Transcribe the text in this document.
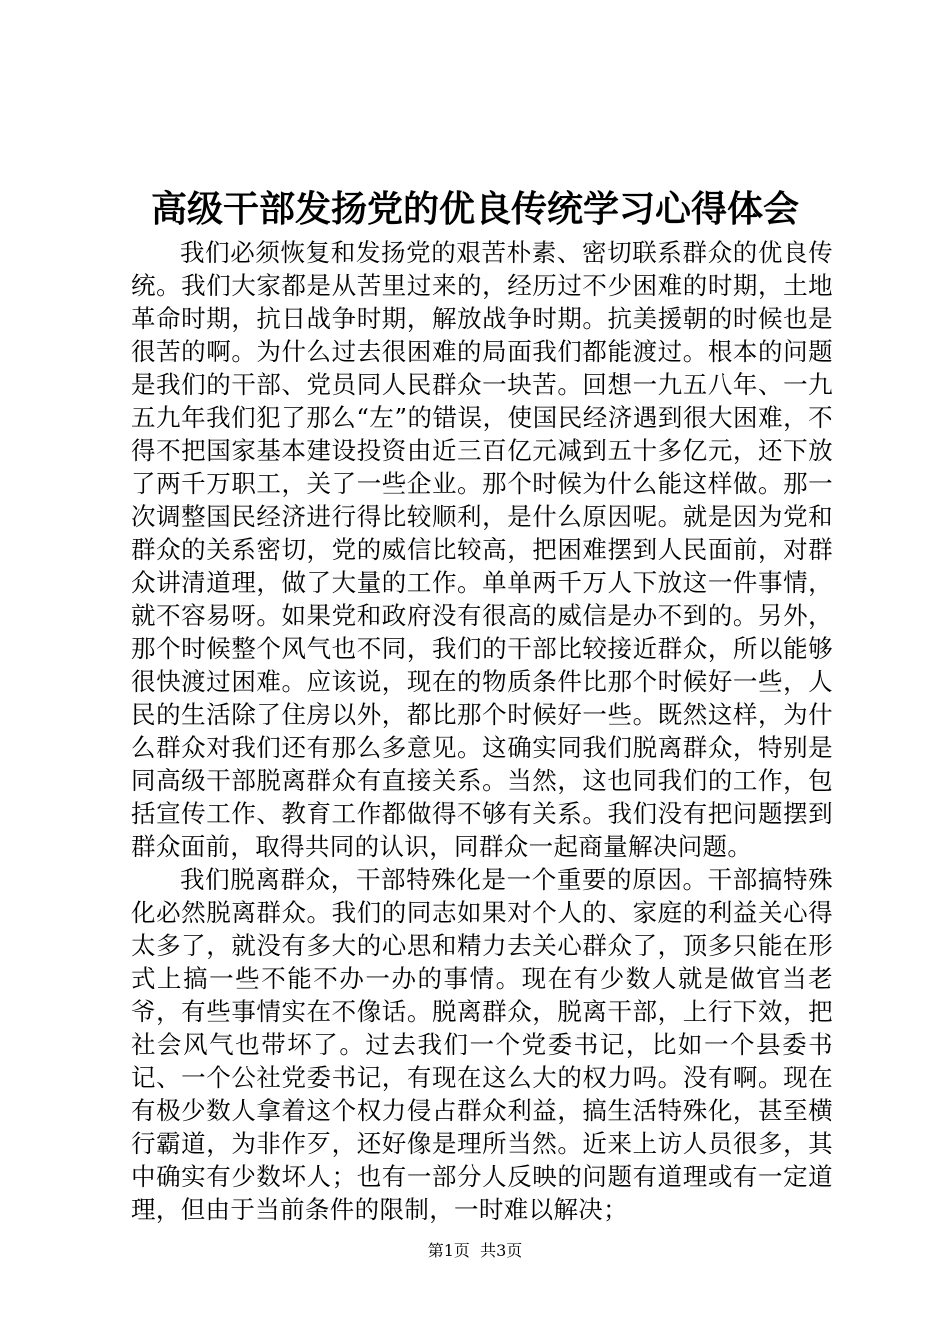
高级干部发扬党的优良传统学习心得体会

我们必须恢复和发扬党的艰苦朴素、密切联系群众的优良传统。我们大家都是从苦里过来的，经历过不少困难的时期，土地革命时期，抗日战争时期，解放战争时期。抗美援朝的时候也是很苦的啊。为什么过去很困难的局面我们都能渡过。根本的问题是我们的干部、党员同人民群众一块苦。回想一九五八年、一九五九年我们犯了那么“左”的错误，使国民经济遇到很大困难，不得不把国家基本建设投资由近三百亿元减到五十多亿元，还下放了两千万职工，关了一些企业。那个时候为什么能这样做。那一次调整国民经济进行得比较顺利，是什么原因呢。就是因为党和群众的关系密切，党的威信比较高，把困难摆到人民面前，对群众讲清道理，做了大量的工作。单单两千万人下放这一件事情，就不容易呀。如果党和政府没有很高的威信是办不到的。另外，那个时候整个风气也不同，我们的干部比较接近群众，所以能够很快渡过困难。应该说，现在的物质条件比那个时候好一些，人民的生活除了住房以外，都比那个时候好一些。既然这样，为什么群众对我们还有那么多意见。这确实同我们脱离群众，特别是同高级干部脱离群众有直接关系。当然，这也同我们的工作，包括宣传工作、教育工作都做得不够有关系。我们没有把问题摆到群众面前，取得共同的认识，同群众一起商量解决问题。

我们脱离群众，干部特殊化是一个重要的原因。干部搞特殊化必然脱离群众。我们的同志如果对个人的、家庭的利益关心得太多了，就没有多大的心思和精力去关心群众了，顶多只能在形式上搞一些不能不办一办的事情。现在有少数人就是做官当老爷，有些事情实在不像话。脱离群众，脱离干部，上行下效，把社会风气也带坏了。过去我们一个党委书记，比如一个县委书记、一个公社党委书记，有现在这么大的权力吗。没有啊。现在有极少数人拿着这个权力侵占群众利益，搞生活特殊化，甚至横行霸道，为非作歹，还好像是理所当然。近来上访人员很多，其中确实有少数坏人；也有一部分人反映的问题有道理或有一定道理，但由于当前条件的限制，一时难以解决；

第1页  共3页
